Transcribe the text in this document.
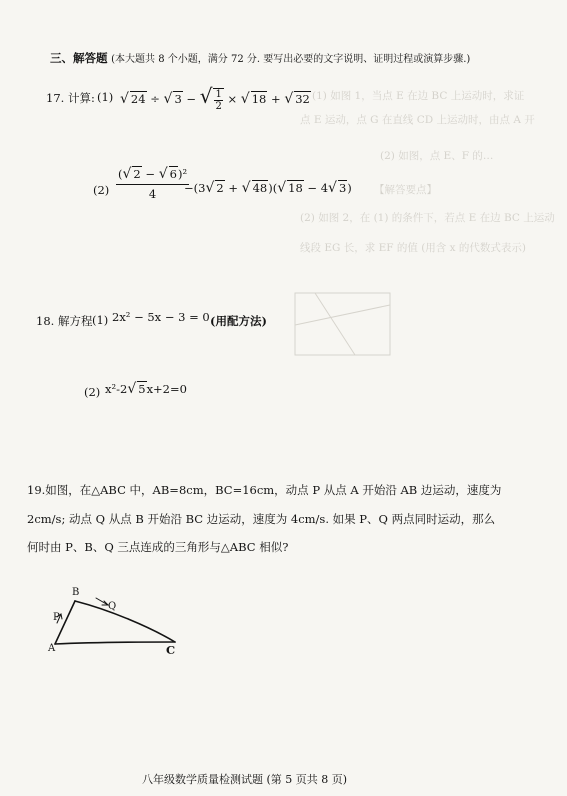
(1) 如图 1，当点 E 在边 BC 上运动时，求证
点 E 运动，点 G 在直线 CD 上运动时，由点 A 开
(2) 如图，点 E、F 的…
【解答要点】
(2) 如图 2，在 (1) 的条件下，若点 E 在边 BC 上运动
线段 EG 长，求 EF 的值 (用含 x 的代数式表示)
三、解答题 (本大题共 8 个小题，满分 72 分. 要写出必要的文字说明、证明过程或演算步骤.)
17. 计算: (1) √ 24 ÷ √ 3 − √ $\frac{1}{2}$ × √ 18 + √ 32
$(2) \frac{\text{(√ 2 − √ 6)²}}{4}$
−(3√ 2 + √ 48)(√ 18 − 4√ 3)
18. 解方程 (1) 2x² − 5x − 3 = 0 (用配方法)
(2) x²-2√ 5x+2=0
19.如图，在△ABC 中，AB=8cm，BC=16cm，动点 P 从点 A 开始沿 AB 边运动，速度为
2cm/s; 动点 Q 从点 B 开始沿 BC 边运动，速度为 4cm/s. 如果 P、Q 两点同时运动，那么
何时由 P、B、Q 三点连成的三角形与△ABC 相似?
B
P
Q
A	C
八年级数学质量检测试题 (第 5 页共 8 页)
